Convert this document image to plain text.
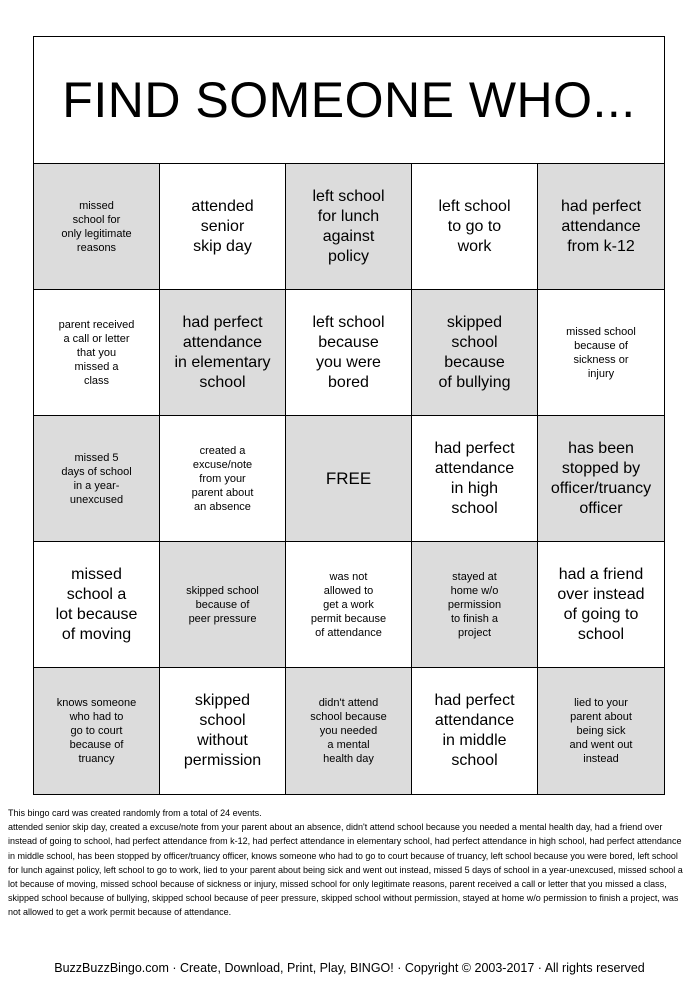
FIND SOMEONE WHO...
missed
school for
only legitimate
reasons
attended
senior
skip day
left school
for lunch
against
policy
left school
to go to
work
had perfect
attendance
from k-12
parent received
a call or letter
that you
missed a
class
had perfect
attendance
in elementary
school
left school
because
you were
bored
skipped
school
because
of bullying
missed school
because of
sickness or
injury
missed 5
days of school
in a year-
unexcused
created a
excuse/note
from your
parent about
an absence
FREE
had perfect
attendance
in high
school
has been
stopped by
officer/truancy
officer
missed
school a
lot because
of moving
skipped school
because of
peer pressure
was not
allowed to
get a work
permit because
of attendance
stayed at
home w/o
permission
to finish a
project
had a friend
over instead
of going to
school
knows someone
who had to
go to court
because of
truancy
skipped
school
without
permission
didn't attend
school because
you needed
a mental
health day
had perfect
attendance
in middle
school
lied to your
parent about
being sick
and went out
instead

This bingo card was created randomly from a total of 24 events.

attended senior skip day, created a excuse/note from your parent about an absence, didn't attend school because you needed a mental health day, had a friend over instead of going to school, had perfect attendance from k-12, had perfect attendance in elementary school, had perfect attendance in high school, had perfect attendance in middle school, has been stopped by officer/truancy officer, knows someone who had to go to court because of truancy, left school because you were bored, left school for lunch against policy, left school to go to work, lied to your parent about being sick and went out instead, missed 5 days of school in a year-unexcused, missed school a lot because of moving, missed school because of sickness or injury, missed school for only legitimate reasons, parent received a call or letter that you missed a class, skipped school because of bullying, skipped school because of peer pressure, skipped school without permission, stayed at home w/o permission to finish a project, was not allowed to get a work permit because of attendance.

BuzzBuzzBingo.com · Create, Download, Print, Play, BINGO! · Copyright © 2003-2017 · All rights reserved
